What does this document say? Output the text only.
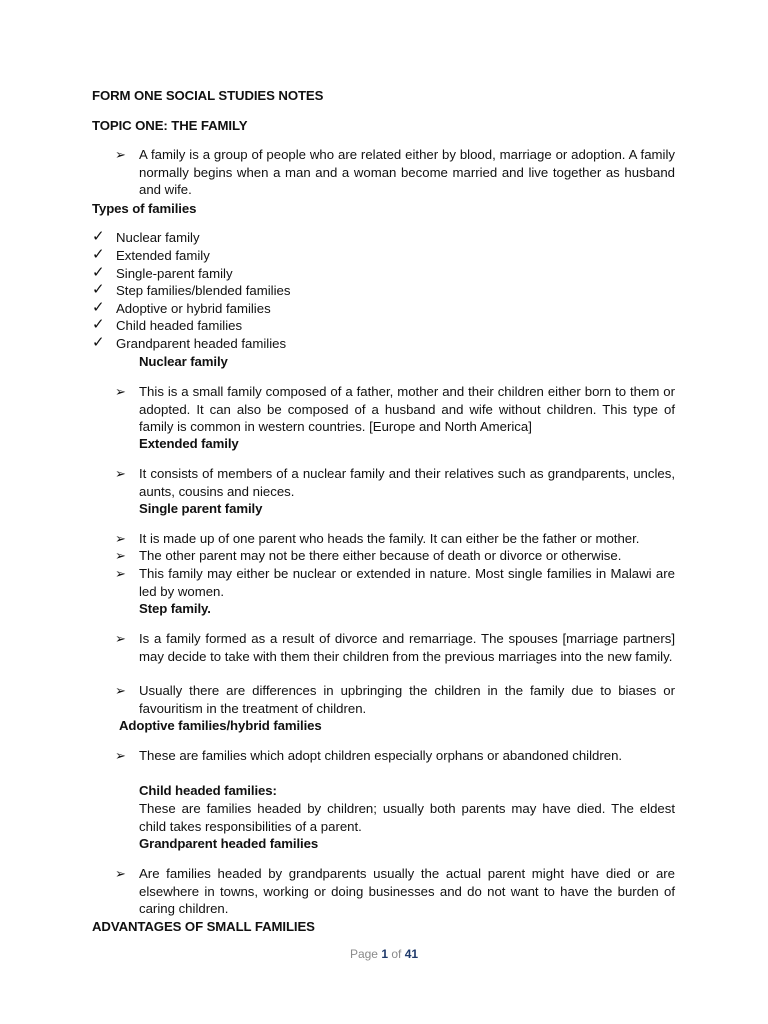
FORM ONE SOCIAL STUDIES NOTES
TOPIC ONE: THE FAMILY
➢ A family is a group of people who are related either by blood, marriage or adoption. A family normally begins when a man and a woman become married and live together as husband and wife.
Types of families
✓ Nuclear family
✓ Extended family
✓ Single-parent family
✓ Step families/blended families
✓ Adoptive or hybrid families
✓ Child headed families
✓ Grandparent headed families
Nuclear family
➢ This is a small family composed of a father, mother and their children either born to them or adopted. It can also be composed of a husband and wife without children. This type of family is common in western countries. [Europe and North America]
Extended family
➢ It consists of members of a nuclear family and their relatives such as grandparents, uncles, aunts, cousins and nieces.
Single parent family
➢ It is made up of one parent who heads the family. It can either be the father or mother.
➢ The other parent may not be there either because of death or divorce or otherwise.
➢ This family may either be nuclear or extended in nature. Most single families in Malawi are led by women.
Step family.
➢ Is a family formed as a result of divorce and remarriage. The spouses [marriage partners] may decide to take with them their children from the previous marriages into the new family.
➢ Usually there are differences in upbringing the children in the family due to biases or favouritism in the treatment of children.
Adoptive families/hybrid families
➢ These are families which adopt children especially orphans or abandoned children.
Child headed families:
These are families headed by children; usually both parents may have died. The eldest child takes responsibilities of a parent.
Grandparent headed families
➢ Are families headed by grandparents usually the actual parent might have died or are elsewhere in towns, working or doing businesses and do not want to have the burden of caring children.
ADVANTAGES OF SMALL FAMILIES
Page 1 of 41
